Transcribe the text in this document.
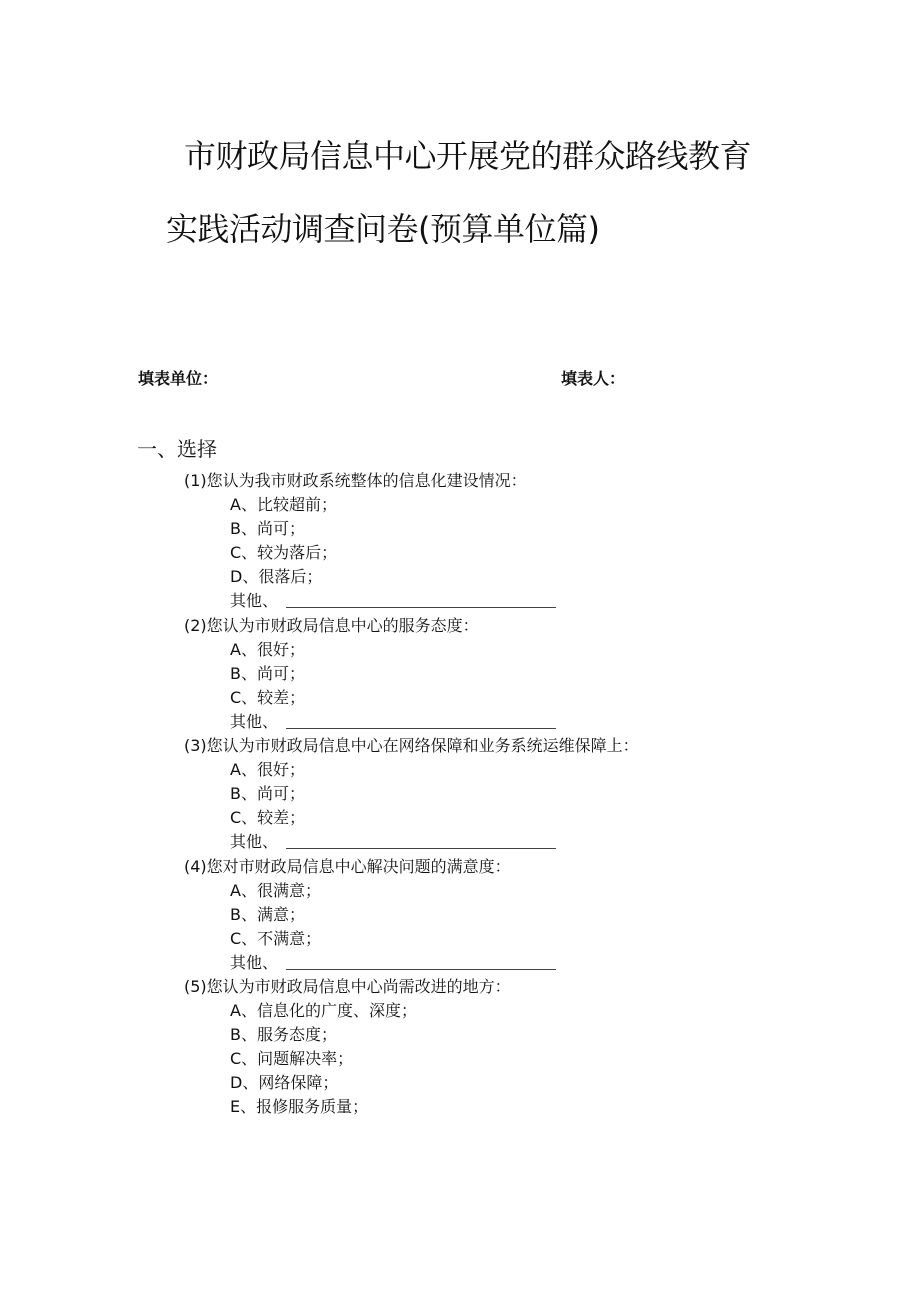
市财政局信息中心开展党的群众路线教育
实践活动调查问卷(预算单位篇)
填表单位：	填表人：
一、选择
(1)您认为我市财政系统整体的信息化建设情况：
A、比较超前；
B、尚可；
C、较为落后；
D、很落后；
其他、
(2)您认为市财政局信息中心的服务态度：
A、很好；
B、尚可；
C、较差；
其他、
(3)您认为市财政局信息中心在网络保障和业务系统运维保障上：
A、很好；
B、尚可；
C、较差；
其他、
(4)您对市财政局信息中心解决问题的满意度：
A、很满意；
B、满意；
C、不满意；
其他、
(5)您认为市财政局信息中心尚需改进的地方：
A、信息化的广度、深度；
B、服务态度；
C、问题解决率；
D、网络保障；
E、报修服务质量；
